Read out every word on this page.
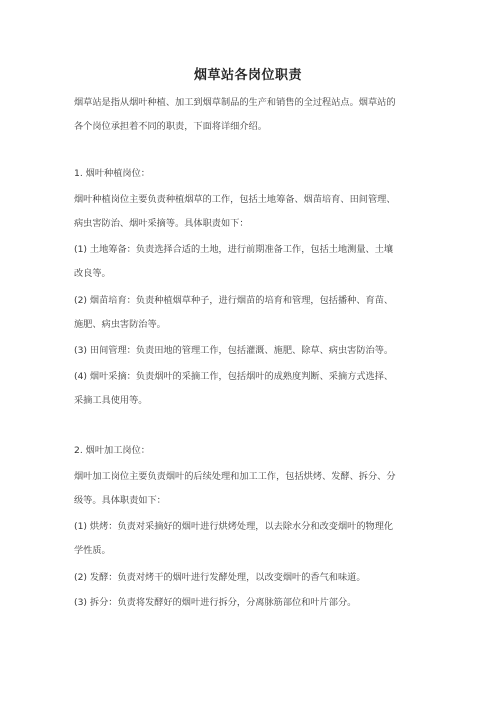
烟草站各岗位职责
烟草站是指从烟叶种植、加工到烟草制品的生产和销售的全过程站点。烟草站的
各个岗位承担着不同的职责，下面将详细介绍。
1. 烟叶种植岗位：
烟叶种植岗位主要负责种植烟草的工作，包括土地筹备、烟苗培育、田间管理、
病虫害防治、烟叶采摘等。具体职责如下：
(1) 土地筹备：负责选择合适的土地，进行前期准备工作，包括土地测量、土壤
改良等。
(2) 烟苗培育：负责种植烟草种子，进行烟苗的培育和管理，包括播种、育苗、
施肥、病虫害防治等。
(3) 田间管理：负责田地的管理工作，包括灌溉、施肥、除草、病虫害防治等。
(4) 烟叶采摘：负责烟叶的采摘工作，包括烟叶的成熟度判断、采摘方式选择、
采摘工具使用等。
2. 烟叶加工岗位：
烟叶加工岗位主要负责烟叶的后续处理和加工工作，包括烘烤、发酵、拆分、分
级等。具体职责如下：
(1) 烘烤：负责对采摘好的烟叶进行烘烤处理，以去除水分和改变烟叶的物理化
学性质。
(2) 发酵：负责对烤干的烟叶进行发酵处理，以改变烟叶的香气和味道。
(3) 拆分：负责将发酵好的烟叶进行拆分，分离脉筋部位和叶片部分。
